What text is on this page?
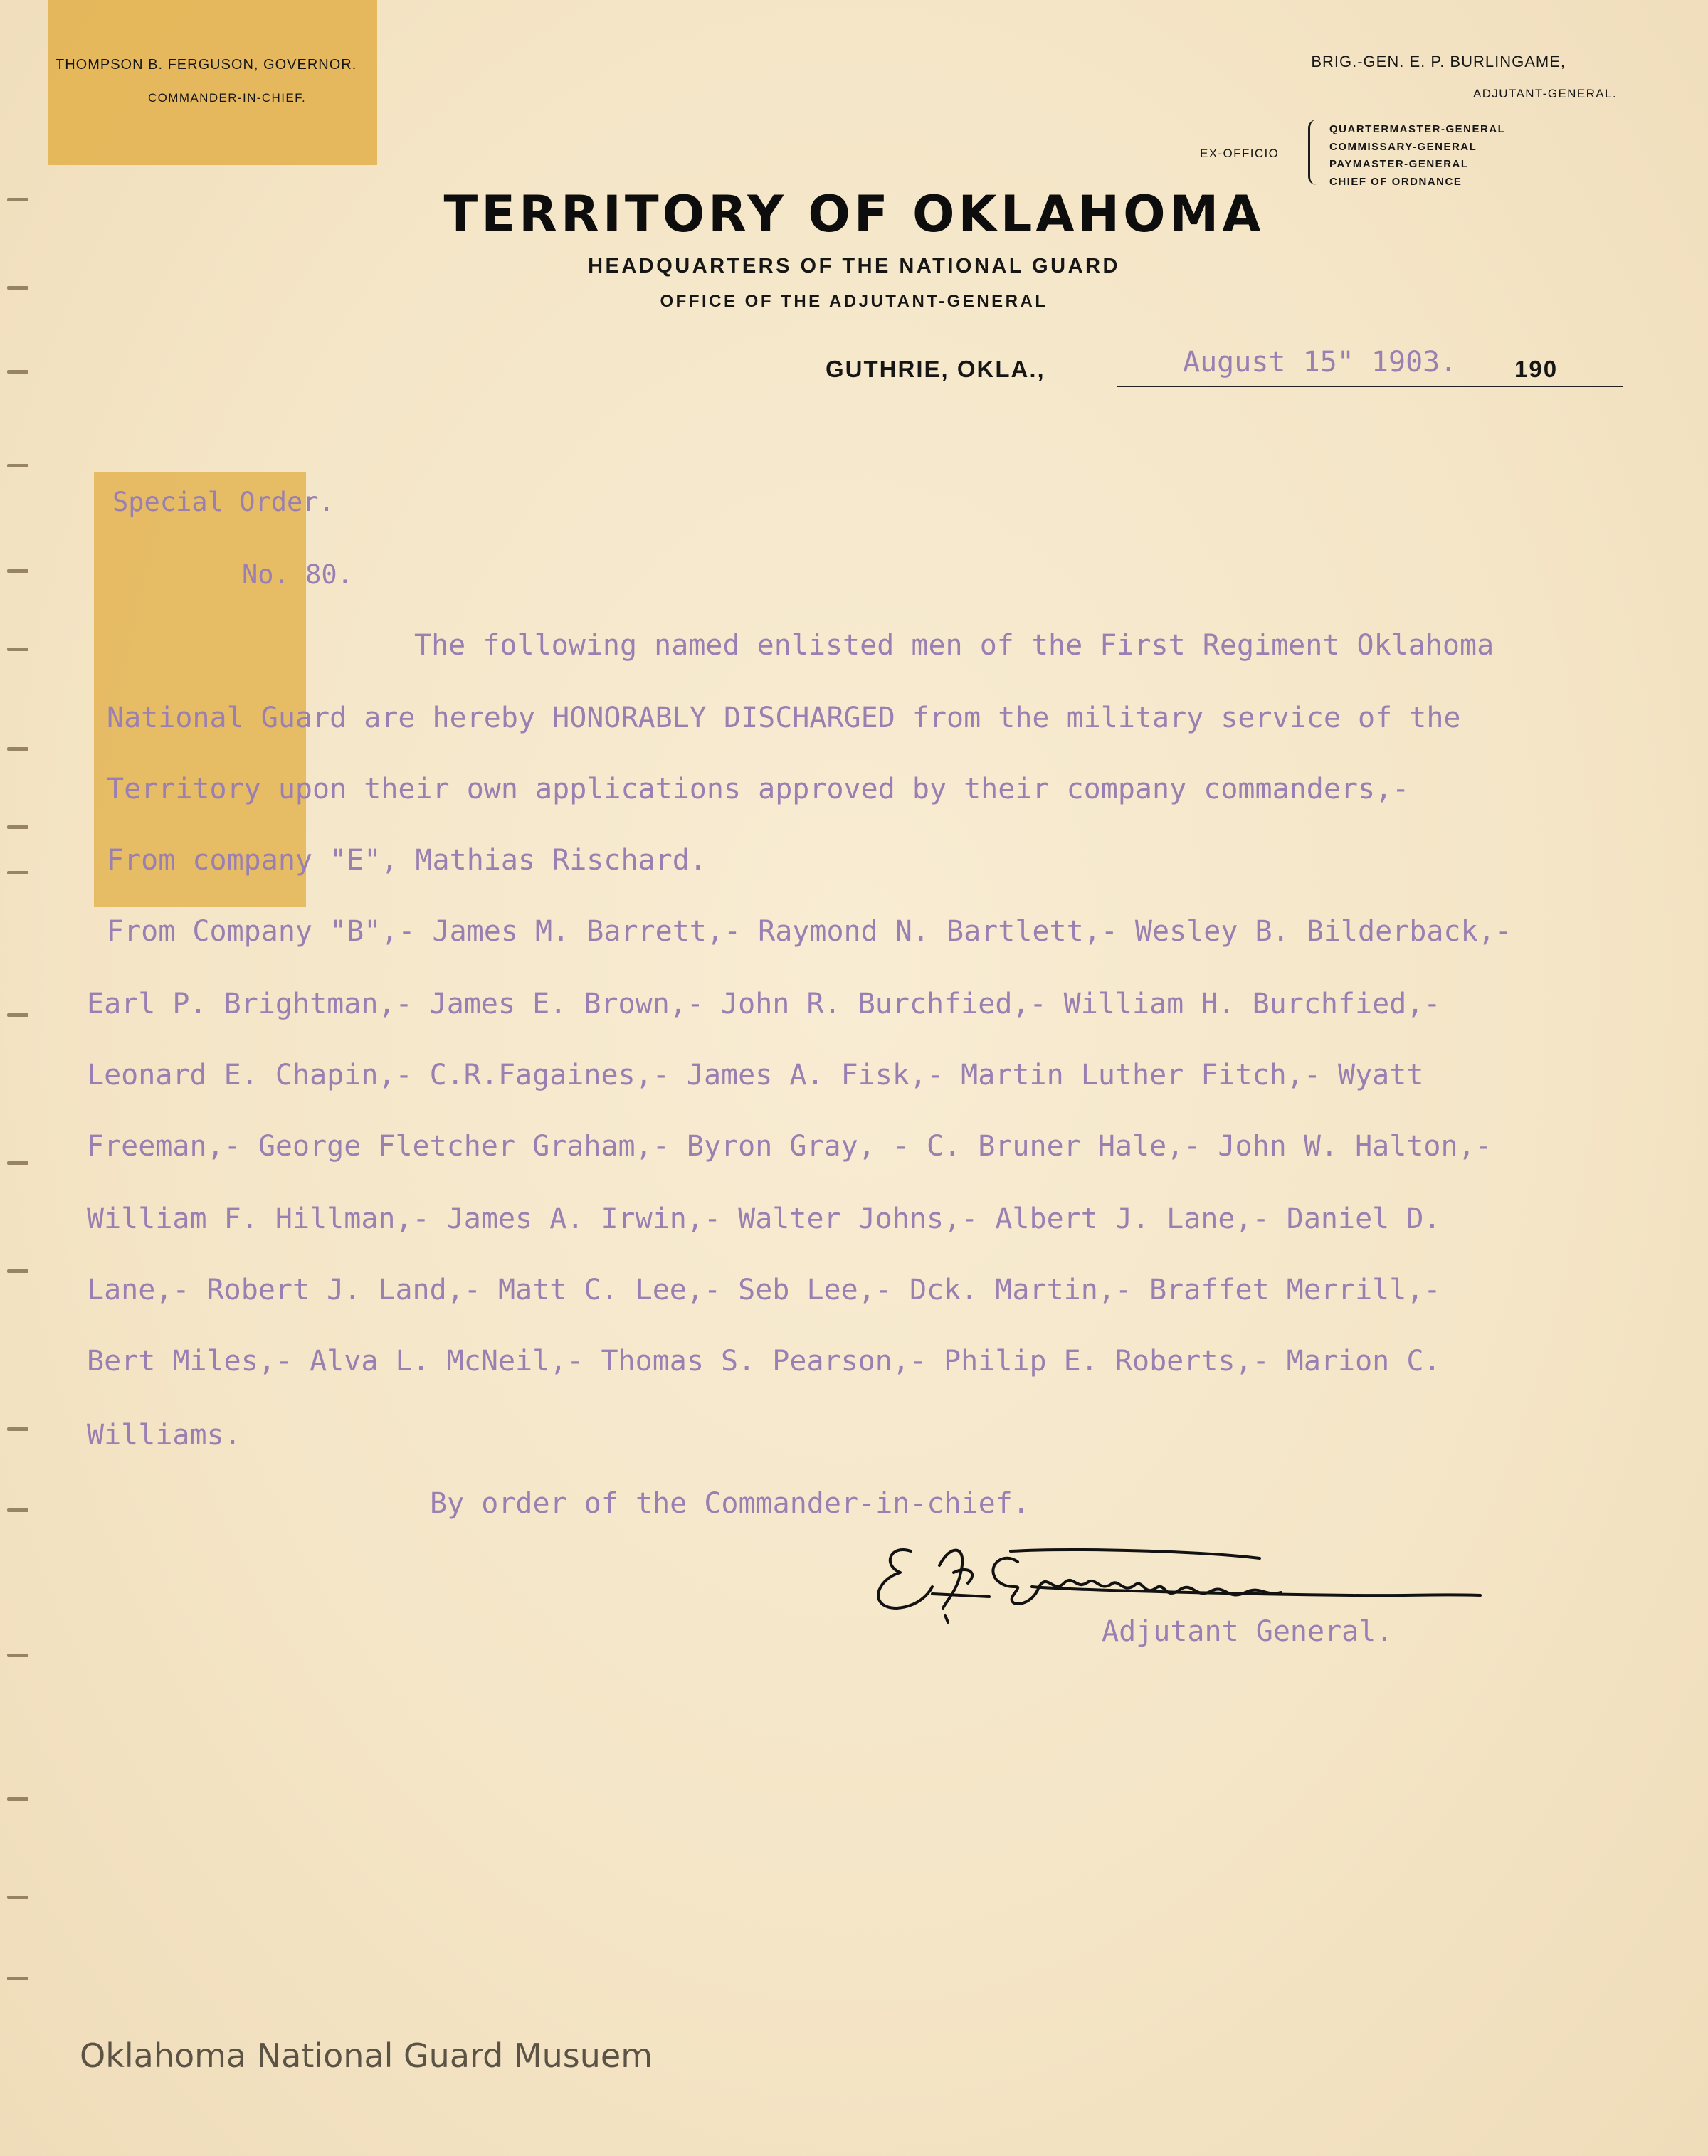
THOMPSON B. FERGUSON, GOVERNOR.
COMMANDER-IN-CHIEF.
BRIG.-GEN. E. P. BURLINGAME,
ADJUTANT-GENERAL.
EX-OFFICIO
QUARTERMASTER-GENERAL
COMMISSARY-GENERAL
PAYMASTER-GENERAL
CHIEF OF ORDNANCE
TERRITORY OF OKLAHOMA
HEADQUARTERS OF THE NATIONAL GUARD
OFFICE OF THE ADJUTANT-GENERAL
GUTHRIE, OKLA.,	August 15" 1903. 190
Special Order.
No. 80.
The following named enlisted men of the First Regiment Oklahoma
National Guard are hereby HONORABLY DISCHARGED from the military service of the
Territory upon their own applications approved by their company commanders,-
From company "E", Mathias Rischard.
From Company "B",- James M. Barrett,- Raymond N. Bartlett,- Wesley B. Bilderback,-
Earl P. Brightman,- James E. Brown,- John R. Burchfied,- William H. Burchfied,-
Leonard E. Chapin,- C.R.Fagaines,- James A. Fisk,- Martin Luther Fitch,- Wyatt
Freeman,- George Fletcher Graham,- Byron Gray, - C. Bruner Hale,- John W. Halton,-
William F. Hillman,- James A. Irwin,- Walter Johns,- Albert J. Lane,- Daniel D.
Lane,- Robert J. Land,- Matt C. Lee,- Seb Lee,- Dck. Martin,- Braffet Merrill,-
Bert Miles,- Alva L. McNeil,- Thomas S. Pearson,- Philip E. Roberts,- Marion C.
Williams.
By order of the Commander-in-chief.
Adjutant General.
Oklahoma National Guard Musuem
